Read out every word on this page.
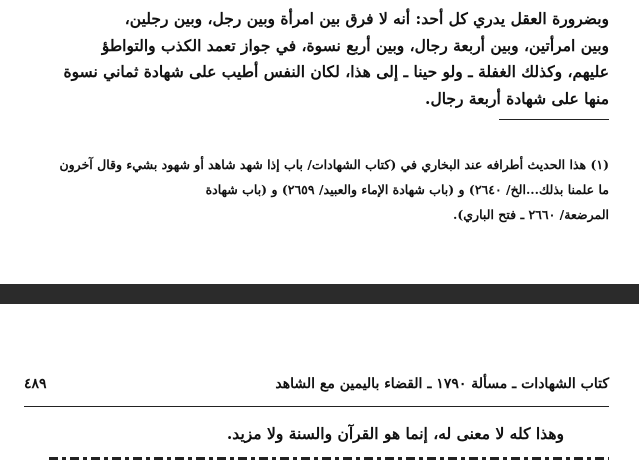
وبضرورة العقل يدري كل أحد: أنه لا فرق بين امرأة وبين رجل، وبين رجلين،
وبين امرأتين، وبين أربعة رجال، وبين أربع نسوة، في جواز تعمد الكذب والتواطؤ
عليهم، وكذلك الغفلة ـ ولو حينا ـ إلى هذا، لكان النفس أطيب على شهادة ثماني نسوة
منها على شهادة أربعة رجال.

(١) هذا الحديث أطرافه عند البخاري في (كتاب الشهادات/ باب إذا شهد شاهد أو شهود بشيء وقال آخرون
ما علمنا بذلك...الخ/ ٢٦٤٠) و (باب شهادة الإماء والعبيد/ ٢٦٥٩) و (باب شهادة
المرضعة/ ٢٦٦٠ ـ فتح الباري).

كتاب الشهادات ـ مسألة ١٧٩٠ ـ القضاء باليمين مع الشاهد
٤٨٩
وهذا كله لا معنى له، إنما هو القرآن والسنة ولا مزيد.
